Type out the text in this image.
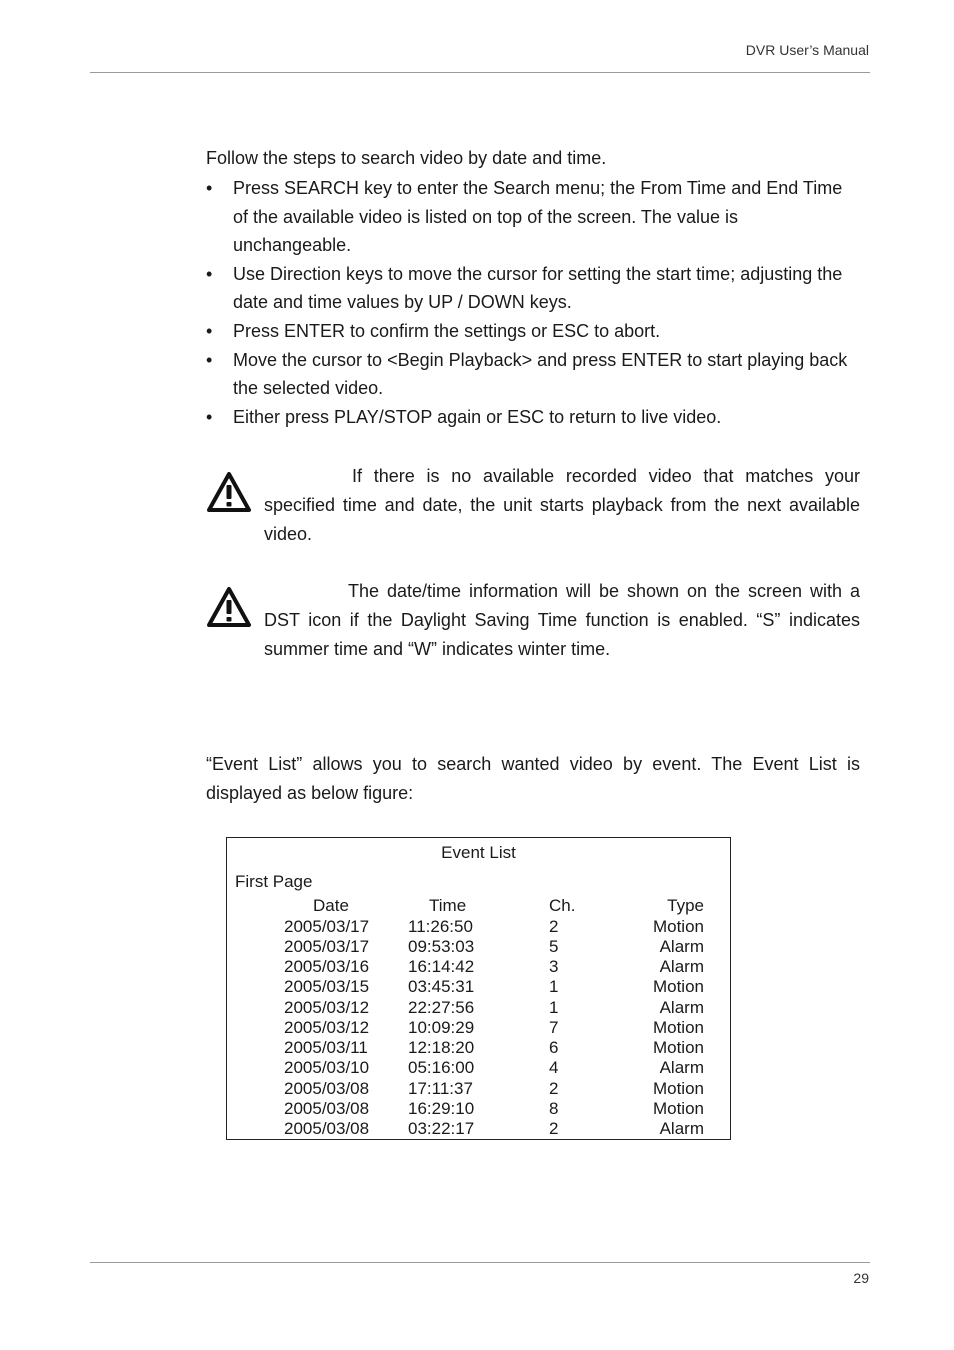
DVR User’s Manual
Follow the steps to search video by date and time.
• Press SEARCH key to enter the Search menu; the From Time and End Time of the available video is listed on top of the screen. The value is unchangeable.
• Use Direction keys to move the cursor for setting the start time; adjusting the date and time values by UP / DOWN keys.
• Press ENTER to confirm the settings or ESC to abort.
• Move the cursor to <Begin Playback> and press ENTER to start playing back the selected video.
• Either press PLAY/STOP again or ESC to return to live video.
If there is no available recorded video that matches your specified time and date, the unit starts playback from the next available video.
The date/time information will be shown on the screen with a DST icon if the Daylight Saving Time function is enabled. “S” indicates summer time and “W” indicates winter time.
“Event List” allows you to search wanted video by event. The Event List is displayed as below figure:
Event List
First Page
Date	Time	Ch.	Type
2005/03/17 11:26:50	2	Motion
2005/03/17 09:53:03	5	Alarm
2005/03/16 16:14:42	3	Alarm
2005/03/15 03:45:31	1	Motion
2005/03/12 22:27:56	1	Alarm
2005/03/12 10:09:29	7	Motion
2005/03/11 12:18:20	6	Motion
2005/03/10 05:16:00	4	Alarm
2005/03/08 17:11:37	2	Motion
2005/03/08 16:29:10	8	Motion
2005/03/08 03:22:17	2	Alarm
29
